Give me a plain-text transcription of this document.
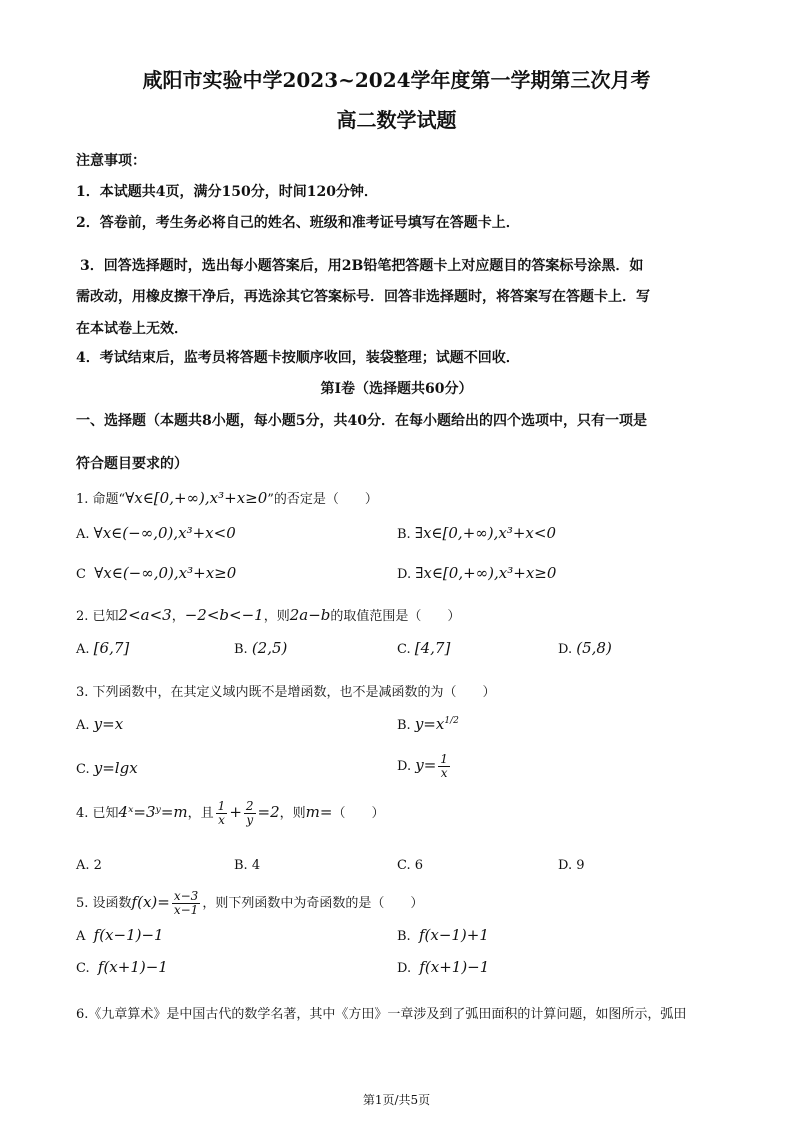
咸阳市实验中学2023~2024学年度第一学期第三次月考
高二数学试题
注意事项：
1．本试题共4页，满分150分，时间120分钟．
2．答卷前，考生务必将自己的姓名、班级和准考证号填写在答题卡上．
3．回答选择题时，选出每小题答案后，用2B铅笔把答题卡上对应题目的答案标号涂黑．如
需改动，用橡皮擦干净后，再选涂其它答案标号．回答非选择题时，将答案写在答题卡上．写
在本试卷上无效．
4．考试结束后，监考员将答题卡按顺序收回，装袋整理；试题不回收．
第I卷（选择题共60分）
一、选择题（本题共8小题，每小题5分，共40分．在每小题给出的四个选项中，只有一项是
符合题目要求的）
1. 命题“∀x∈[0,+∞),x³+x≥0”的否定是（　　）
A. ∀x∈(−∞,0),x³+x<0	B. ∃x∈[0,+∞),x³+x<0
C ∀x∈(−∞,0),x³+x≥0	D. ∃x∈[0,+∞),x³+x≥0
2. 已知2<a<3，−2<b<−1，则2a−b的取值范围是（　　）
A. [6,7]	B. (2,5)	C. [4,7]	D. (5,8)
3. 下列函数中，在其定义域内既不是增函数，也不是减函数的为（　　）
A. y=x	B. $y=x^{1/2}$
C. y=lgx	D. $y= \frac{1}{x}$
4. 已知4ˣ=3ʸ=m，且 $\frac{1}{x} + \frac{2}{y} =2$，则m=（　　）
A. 2	B. 4	C. 6	D. 9
5. 设函数$f(x)= \frac{x-3}{x-1}$ ，则下列函数中为奇函数的是（　　）
A f(x−1)−1	B. f(x−1)+1
C. f(x+1)−1	D. f(x+1)−1
6.《九章算术》是中国古代的数学名著，其中《方田》一章涉及到了弧田面积的计算问题，如图所示，弧田
第1页/共5页
